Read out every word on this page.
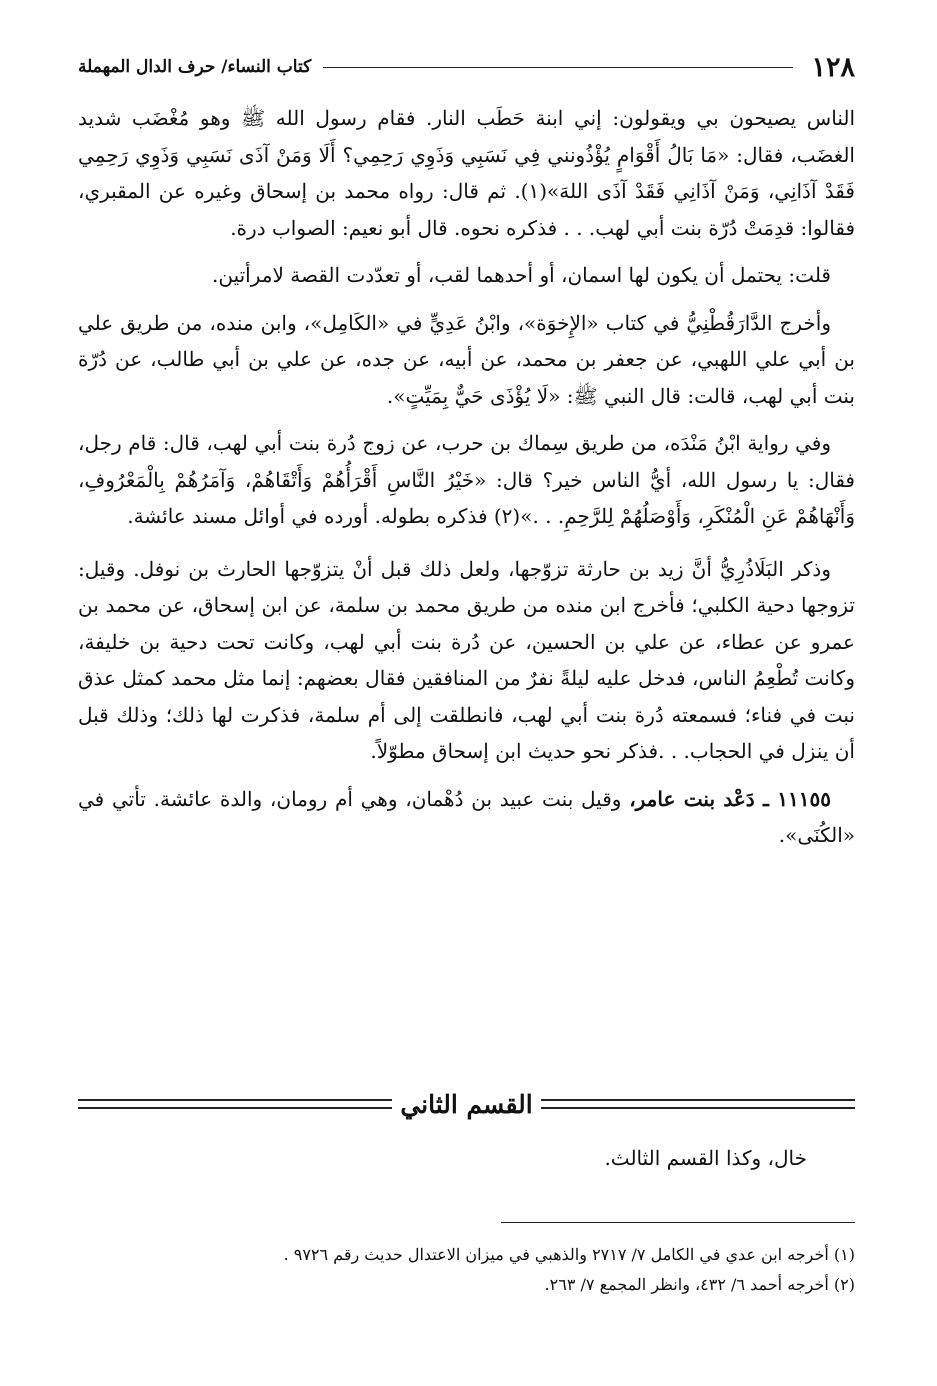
١٢٨
كتاب النساء/ حرف الدال المهملة

الناس يصيحون بي ويقولون: إني ابنة حَطَب النار. فقام رسول الله ﷺ وهو مُغْضَب شديد الغضَب، فقال: «مَا بَالُ أَقْوَامٍ يُؤْذُونني فِي نَسَبِي وَذَوِي رَحِمِي؟ أَلَا وَمَنْ آذَى نَسَبِي وَذَوِي رَحِمِي فَقَدْ آذَانِي، وَمَنْ آذَانِي فَقَدْ آذَى اللهَ»(١). ثم قال: رواه محمد بن إسحاق وغيره عن المقبري، فقالوا: قدِمَتْ دُرّة بنت أبي لهب. . . فذكره نحوه. قال أبو نعيم: الصواب درة.

قلت: يحتمل أن يكون لها اسمان، أو أحدهما لقب، أو تعدّدت القصة لامرأتين.

وأخرج الدَّارَقُطْنِيُّ في كتاب «الإِخوَة»، وابْنُ عَدِيٍّ في «الكَامِل»، وابن منده، من طريق علي بن أبي علي اللهبي، عن جعفر بن محمد، عن أبيه، عن جده، عن علي بن أبي طالب، عن دُرّة بنت أبي لهب، قالت: قال النبي ﷺ: «لَا يُؤْذَى حَيٌّ بِمَيِّتٍ».

وفي رواية ابْنُ مَنْدَه، من طريق سِماك بن حرب، عن زوج دُرة بنت أبي لهب، قال: قام رجل، فقال: يا رسول الله، أيُّ الناس خير؟ قال: «خَيْرُ النَّاسِ أَقْرَأُهُمْ وَأَتْقَاهُمْ، وَآمَرُهُمْ بِالْمَعْرُوفِ، وَأَنْهَاهُمْ عَنِ الْمُنْكَرِ، وَأَوْصَلُهُمْ لِلرَّحِمِ. . .»(٢) فذكره بطوله. أورده في أوائل مسند عائشة.

وذكر البَلَاذُرِيُّ أنَّ زيد بن حارثة تزوّجها، ولعل ذلك قبل أنْ يتزوّجها الحارث بن نوفل. وقيل: تزوجها دحية الكلبي؛ فأخرج ابن منده من طريق محمد بن سلمة، عن ابن إسحاق، عن محمد بن عمرو عن عطاء، عن علي بن الحسين، عن دُرة بنت أبي لهب، وكانت تحت دحية بن خليفة، وكانت تُطْعِمُ الناس، فدخل عليه ليلةً نفرٌ من المنافقين فقال بعضهم: إنما مثل محمد كمثل عذق نبت في فناء؛ فسمعته دُرة بنت أبي لهب، فانطلقت إلى أم سلمة، فذكرت لها ذلك؛ وذلك قبل أن ينزل في الحجاب. . .فذكر نحو حديث ابن إسحاق مطوّلاً.

١١١٥٥ ـ دَعْد بنت عامر، وقيل بنت عبيد بن دُهْمان، وهي أم رومان، والدة عائشة. تأتي في «الكُنَى».

القسم الثاني
خال، وكذا القسم الثالث.

(١) أخرجه ابن عدي في الكامل ٧/ ٢٧١٧ والذهبي في ميزان الاعتدال حديث رقم ٩٧٢٦ .

(٢) أخرجه أحمد ٦/ ٤٣٢، وانظر المجمع ٧/ ٢٦٣.
